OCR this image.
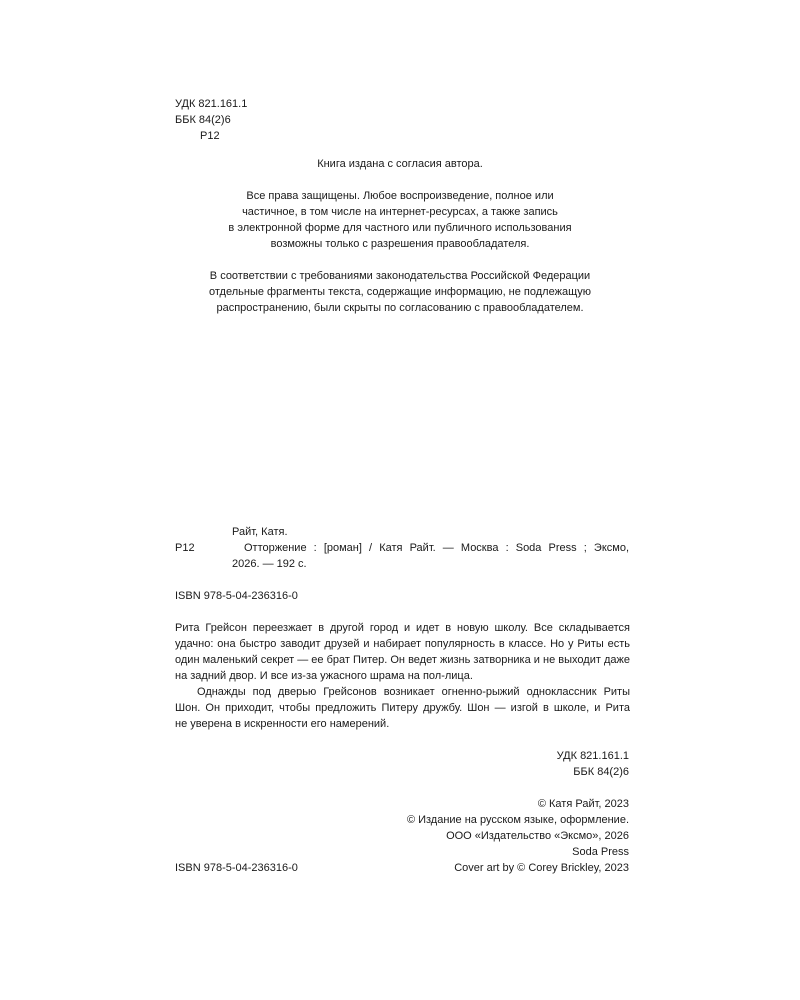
УДК 821.161.1
ББК 84(2)6
Р12
Книга издана с согласия автора.
Все права защищены. Любое воспроизведение, полное или
частичное, в том числе на интернет-ресурсах, а также запись
в электронной форме для частного или публичного использования
возможны только с разрешения правообладателя.
В соответствии с требованиями законодательства Российской Федерации
отдельные фрагменты текста, содержащие информацию, не подлежащую
распространению, были скрыты по согласованию с правообладателем.
Райт, Катя.
Р12	Отторжение : [роман] / Катя Райт. — Москва : Soda Press ; Эксмо,
2026. — 192 с.
ISBN 978-5-04-236316-0
Рита Грейсон переезжает в другой город и идет в новую школу. Все складывается
удачно: она быстро заводит друзей и набирает популярность в классе. Но у Риты есть
один маленький секрет — ее брат Питер. Он ведет жизнь затворника и не выходит даже
на задний двор. И все из-за ужасного шрама на пол-лица.
Однажды под дверью Грейсонов возникает огненно-рыжий одноклассник Риты
Шон. Он приходит, чтобы предложить Питеру дружбу. Шон — изгой в школе, и Рита
не уверена в искренности его намерений.
УДК 821.161.1
ББК 84(2)6
© Катя Райт, 2023
© Издание на русском языке, оформление.
ООО «Издательство «Эксмо», 2026
Soda Press
Cover art by © Corey Brickley, 2023
ISBN 978-5-04-236316-0
